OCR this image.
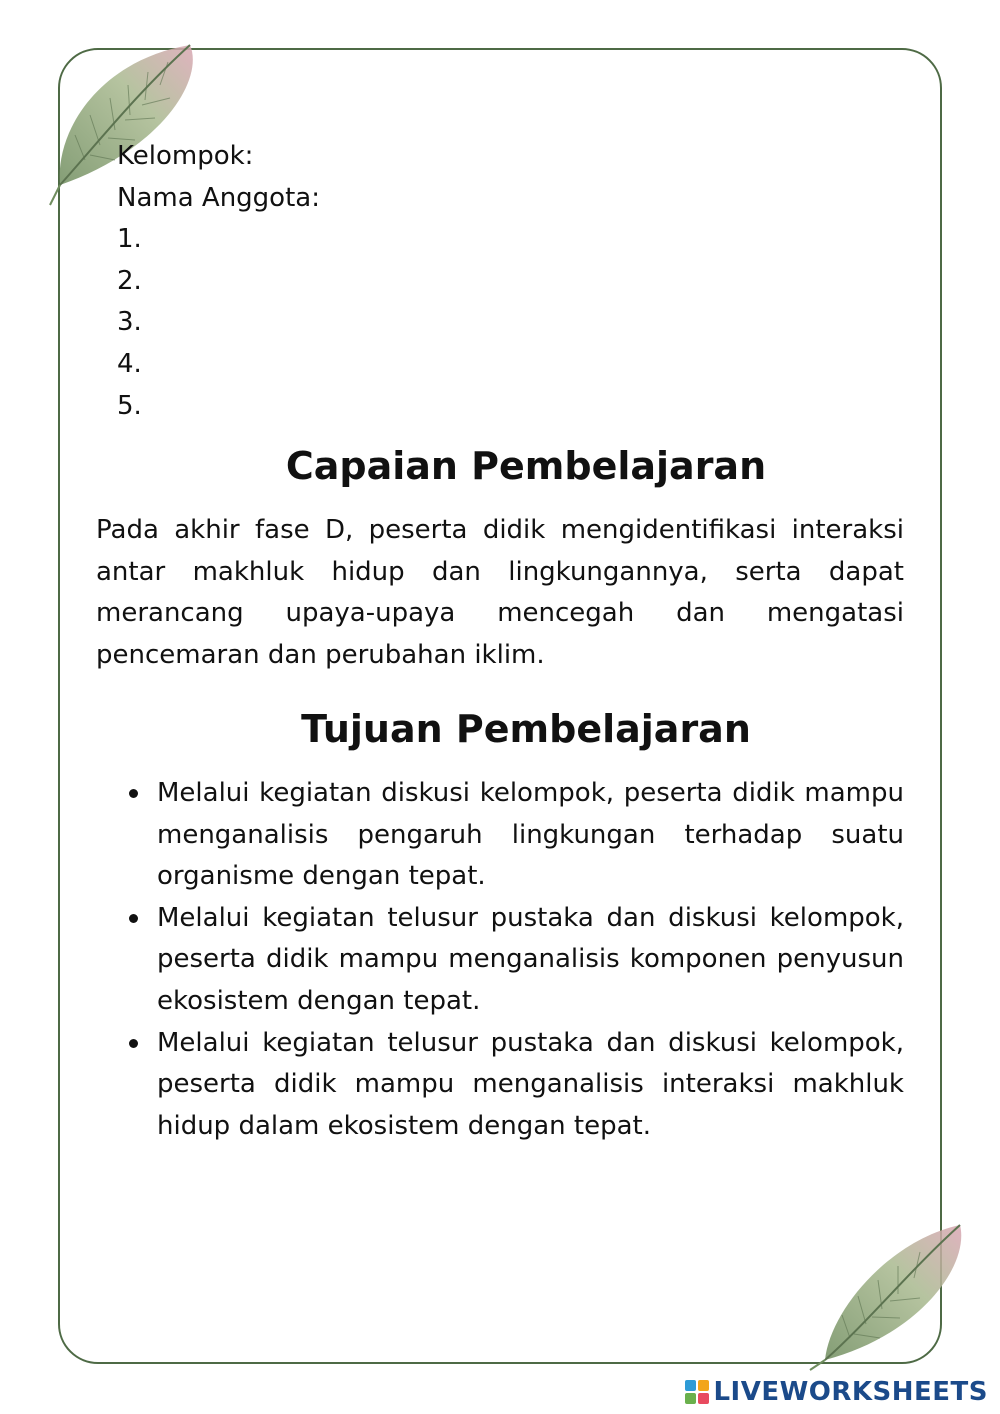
Kelompok:
Nama Anggota:
1.
2.
3.
4.
5.
Capaian Pembelajaran
Pada akhir fase D, peserta didik mengidentifikasi interaksi antar makhluk hidup dan lingkungannya, serta dapat merancang upaya-upaya mencegah dan mengatasi pencemaran dan perubahan iklim.
Tujuan Pembelajaran
Melalui kegiatan diskusi kelompok, peserta didik mampu menganalisis pengaruh lingkungan terhadap suatu organisme dengan tepat.
Melalui kegiatan telusur pustaka dan diskusi kelompok, peserta didik mampu menganalisis komponen penyusun ekosistem dengan tepat.
Melalui kegiatan telusur pustaka dan diskusi kelompok, peserta didik mampu menganalisis interaksi makhluk hidup dalam ekosistem dengan tepat.
LIVEWORKSHEETS
